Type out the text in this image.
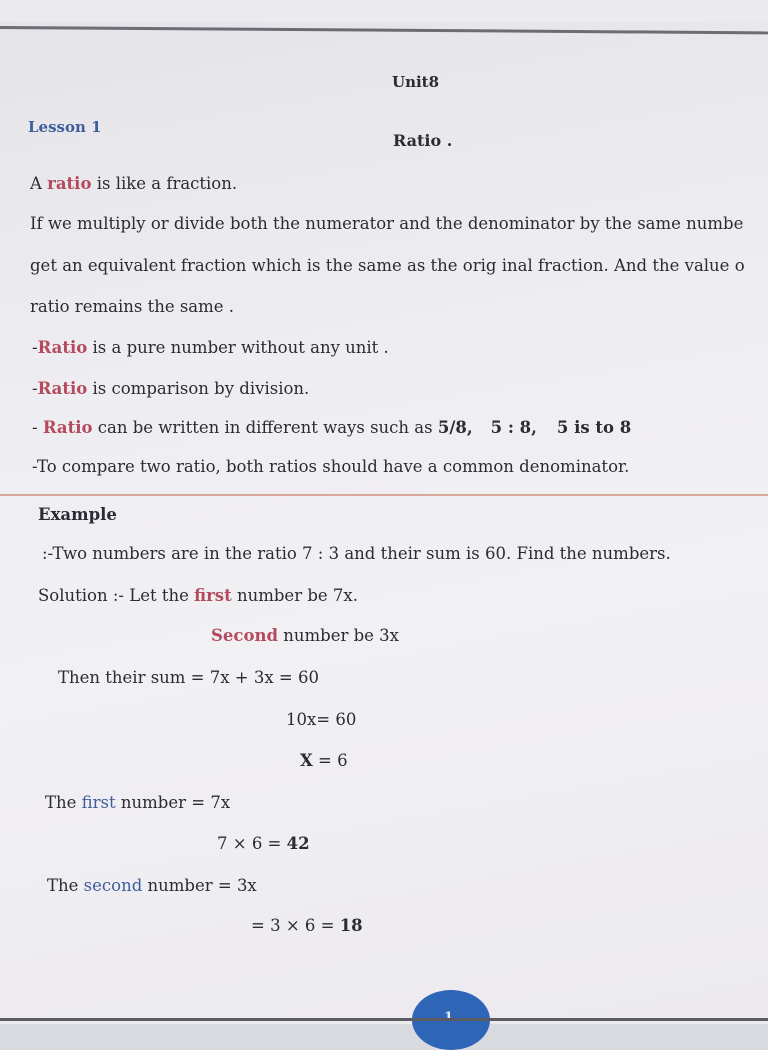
Unit8
Lesson 1
Ratio .
A ratio is like a fraction.
If we multiply or divide both the numerator and the denominator by the same numbe
get an equivalent fraction which is the same as the orig inal fraction. And the value o
ratio remains the same .
-Ratio is a pure number without any unit .
-Ratio is comparison by division.
- Ratio can be written in different ways such as 5/8, 5 : 8, 5 is to 8
-To compare two ratio, both ratios should have a common denominator.
Example
:-Two numbers are in the ratio 7 : 3 and their sum is 60. Find the numbers.
Solution :- Let the first number be 7x.
Second number be 3x
Then their sum = 7x + 3x = 60
10x= 60
X = 6
The first number = 7x
7 × 6 = 42
The second number = 3x
= 3 × 6 = 18
